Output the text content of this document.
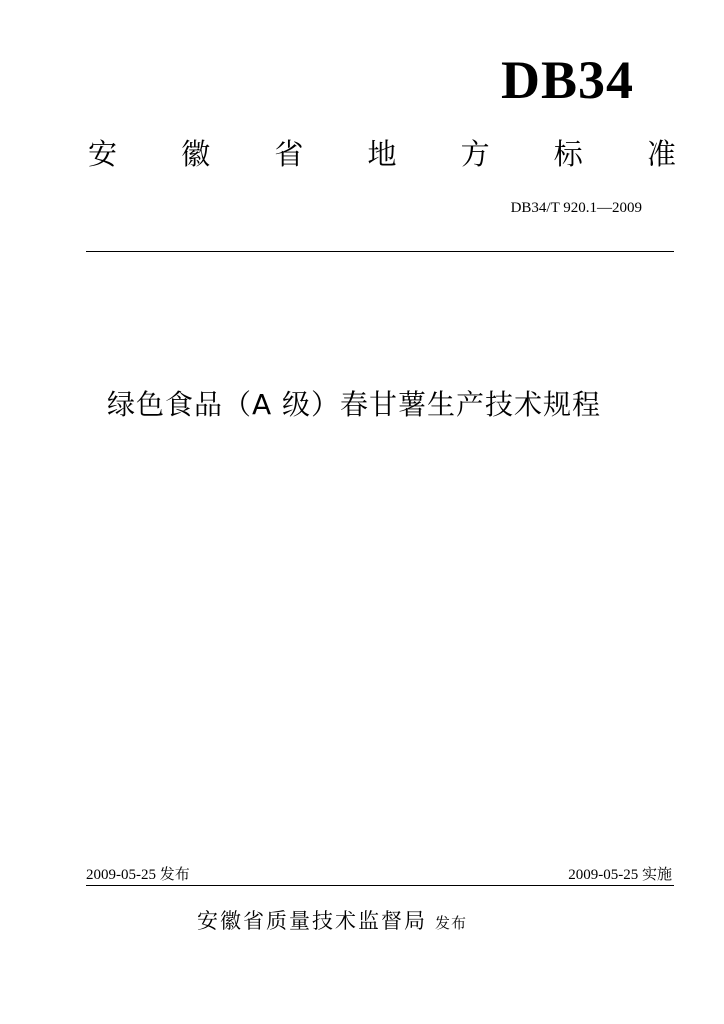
DB34
安 徽 省 地 方 标 准
DB34/T 920.1—2009
绿色食品（A 级）春甘薯生产技术规程
2009-05-25 发布	2009-05-25 实施
安徽省质量技术监督局 发布
